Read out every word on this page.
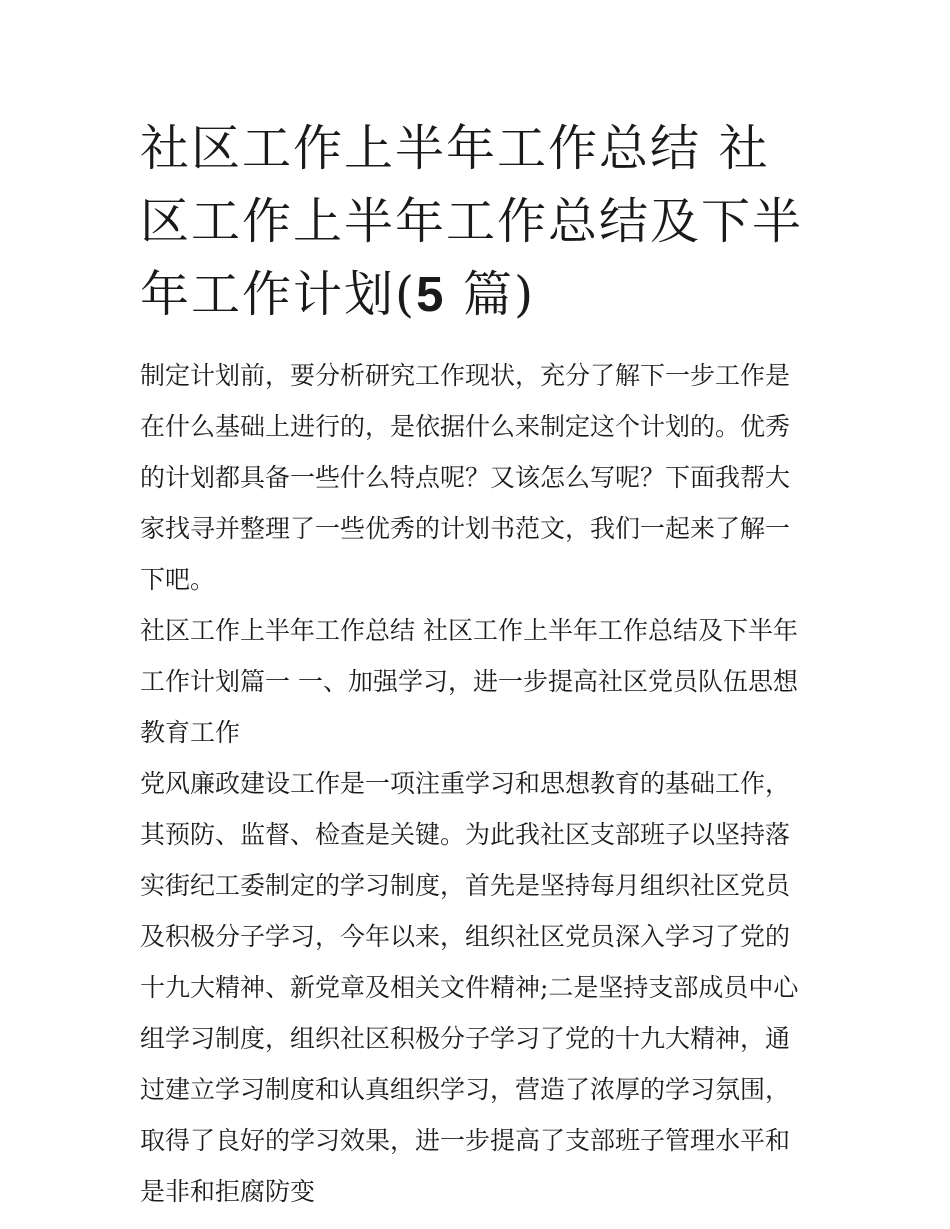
社区工作上半年工作总结 社区工作上半年工作总结及下半年工作计划(5 篇)

制定计划前，要分析研究工作现状，充分了解下一步工作是在什么基础上进行的，是依据什么来制定这个计划的。优秀的计划都具备一些什么特点呢？又该怎么写呢？下面我帮大家找寻并整理了一些优秀的计划书范文，我们一起来了解一下吧。

社区工作上半年工作总结 社区工作上半年工作总结及下半年工作计划篇一 一、加强学习，进一步提高社区党员队伍思想教育工作

党风廉政建设工作是一项注重学习和思想教育的基础工作，其预防、监督、检查是关键。为此我社区支部班子以坚持落实街纪工委制定的学习制度，首先是坚持每月组织社区党员及积极分子学习，今年以来，组织社区党员深入学习了党的十九大精神、新党章及相关文件精神;二是坚持支部成员中心组学习制度，组织社区积极分子学习了党的十九大精神，通过建立学习制度和认真组织学习，营造了浓厚的学习氛围，取得了良好的学习效果，进一步提高了支部班子管理水平和是非和拒腐防变
